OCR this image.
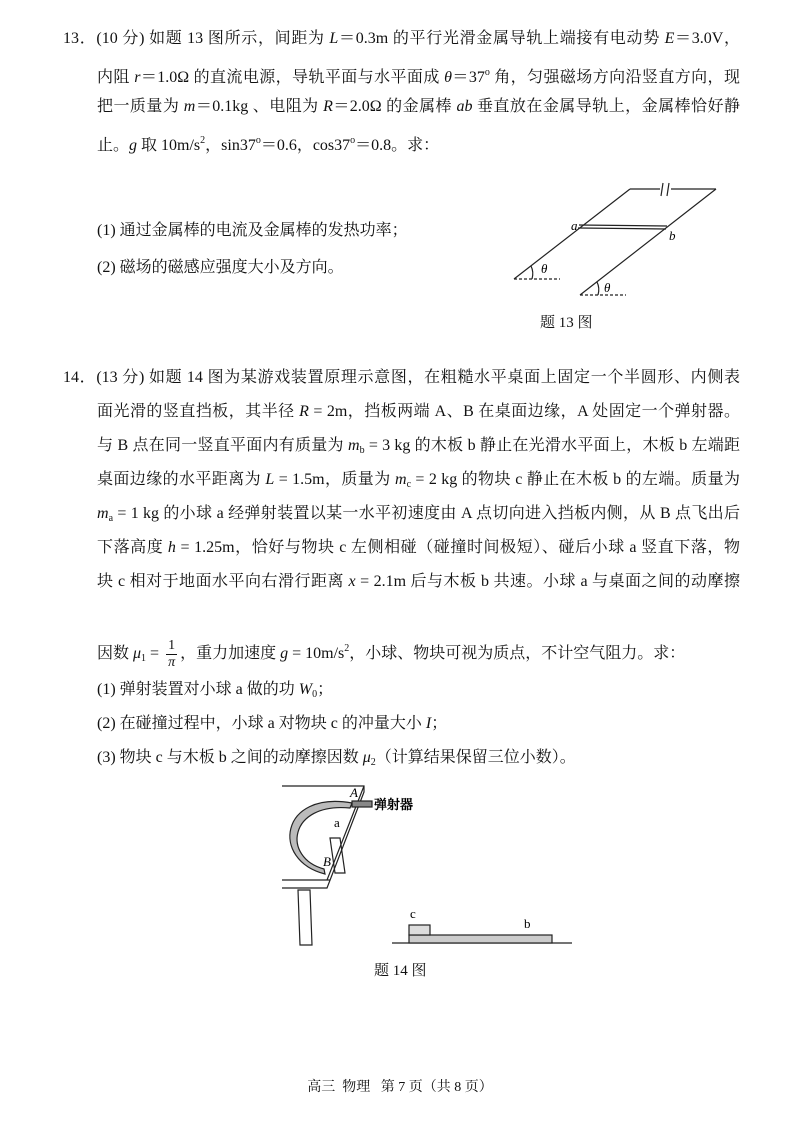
13．(10 分) 如题 13 图所示，间距为 L＝0.3m 的平行光滑金属导轨上端接有电动势 E＝3.0V，
内阻 r＝1.0Ω 的直流电源，导轨平面与水平面成 $\theta=37^o$ 角，匀强磁场方向沿竖直方向，现
把一质量为 m＝0.1kg 、电阻为 R＝2.0Ω 的金属棒 ab 垂直放在金属导轨上，金属棒恰好静
止。g 取 $10m/s^2$，$\sin 37^o=0.6$，$\cos 37^o=0.8$。求：
(1) 通过金属棒的电流及金属棒的发热功率；
(2) 磁场的磁感应强度大小及方向。
a
b
θ
θ
题 13 图
14．(13 分) 如题 14 图为某游戏装置原理示意图，在粗糙水平桌面上固定一个半圆形、内侧表
面光滑的竖直挡板，其半径 R = 2m，挡板两端 A、B 在桌面边缘，A 处固定一个弹射器。
与 B 点在同一竖直平面内有质量为 $m_b = 3$ kg 的木板 b 静止在光滑水平面上，木板 b 左端距
桌面边缘的水平距离为 L = 1.5m，质量为 $m_c = 2$ kg 的物块 c 静止在木板 b 的左端。质量为
$m_a = 1$ kg 的小球 a 经弹射装置以某一水平初速度由 A 点切向进入挡板内侧，从 B 点飞出后
下落高度 h = 1.25m，恰好与物块 c 左侧相碰（碰撞时间极短）、碰后小球 a 竖直下落，物
块 c 相对于地面水平向右滑行距离 x = 2.1m 后与木板 b 共速。小球 a 与桌面之间的动摩擦
因数 $\mu_1 = \frac{1}{\pi}$ ，重力加速度 $g = 10m/s^2$，小球、物块可视为质点，不计空气阻力。求：
(1) 弹射装置对小球 a 做的功 $W_0$；
(2) 在碰撞过程中，小球 a 对物块 c 的冲量大小 I；
(3) 物块 c 与木板 b 之间的动摩擦因数 $\mu_2$（计算结果保留三位小数）。
A
B
a
弹射器
c
b
题 14 图
高三  物理   第 7 页（共 8 页）
